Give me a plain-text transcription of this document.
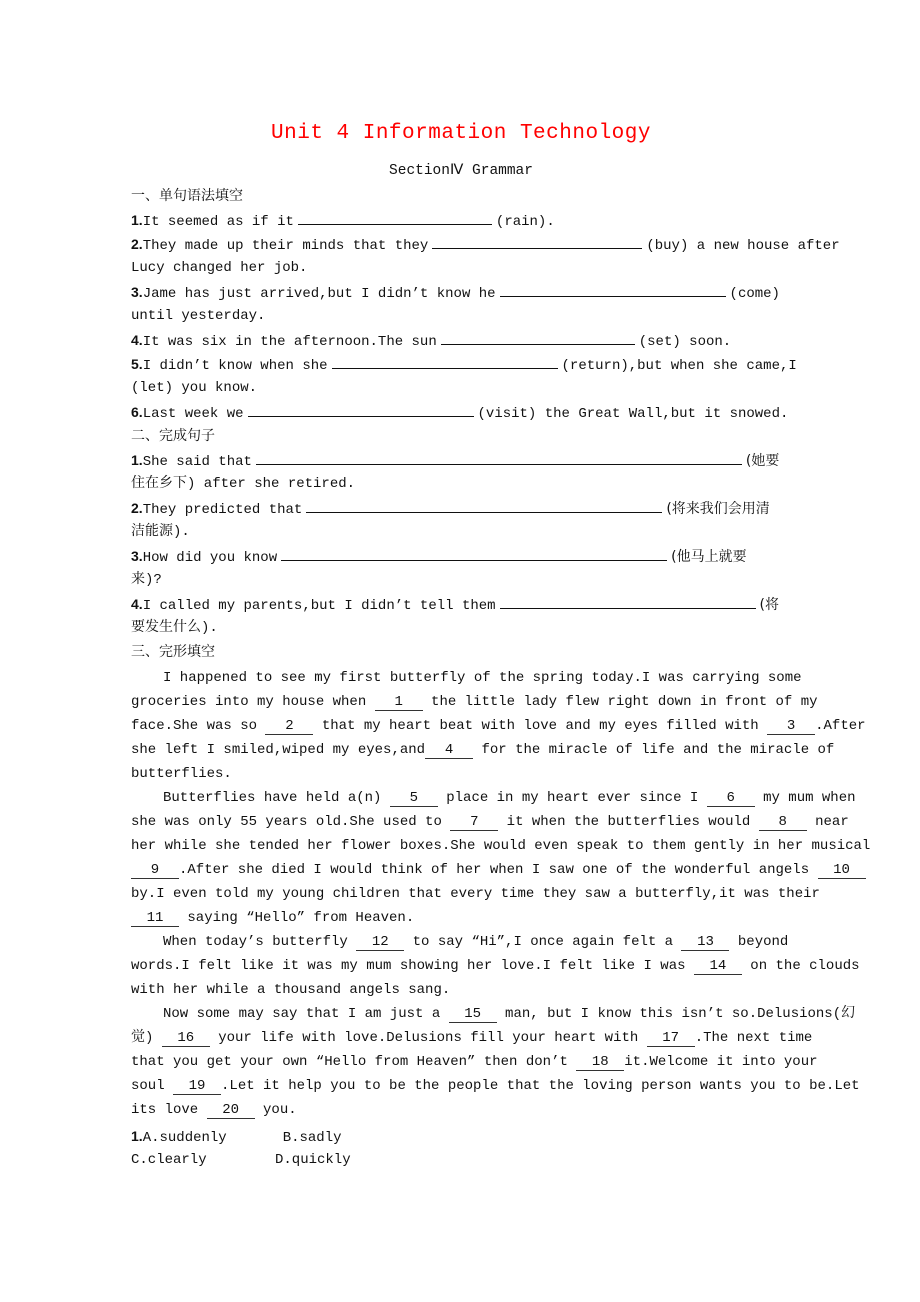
Unit 4 Information Technology
SectionⅣ Grammar
一、单句语法填空
1.It seemed as if it	(rain).
2.They made up their minds that they	(buy) a new house after
Lucy changed her job.
3.Jame has just arrived,but I didn’t know he	(come)
until yesterday.
4.It was six in the afternoon.The sun	(set) soon.
5.I didn’t know when she	(return),but when she came,I
(let) you know.
6.Last week we	(visit) the Great Wall,but it snowed.
二、完成句子
1.She said that	(她要
住在乡下) after she retired.
2.They predicted that	(将来我们会用清
洁能源).
3.How did you know	(他马上就要
来)?
4.I called my parents,but I didn’t tell them	(将
要发生什么).
三、完形填空
I happened to see my first butterfly of the spring today.I was carrying some
groceries into my house when 1 the little lady flew right down in front of my
face.She was so 2 that my heart beat with love and my eyes filled with 3 .After
she left I smiled,wiped my eyes,and 4 for the miracle of life and the miracle of
butterflies.
Butterflies have held a(n) 5 place in my heart ever since I 6 my mum when
she was only 55 years old.She used to 7 it when the butterflies would 8 near
her while she tended her flower boxes.She would even speak to them gently in her musical
9 .After she died I would think of her when I saw one of the wonderful angels 10
by.I even told my young children that every time they saw a butterfly,it was their
11 saying “Hello” from Heaven.
When today’s butterfly 12 to say “Hi”,I once again felt a 13 beyond
words.I felt like it was my mum showing her love.I felt like I was 14 on the clouds
with her while a thousand angels sang.
Now some may say that I am just a 15 man, but I know this isn’t so.Delusions(幻
觉) 16 your life with love.Delusions fill your heart with 17 .The next time
that you get your own “Hello from Heaven” then don’t 18 it.Welcome it into your
soul 19 .Let it help you to be the people that the loving person wants you to be.Let
its love 20 you.
1.A.suddenly	B.sadly
C.clearly	D.quickly
